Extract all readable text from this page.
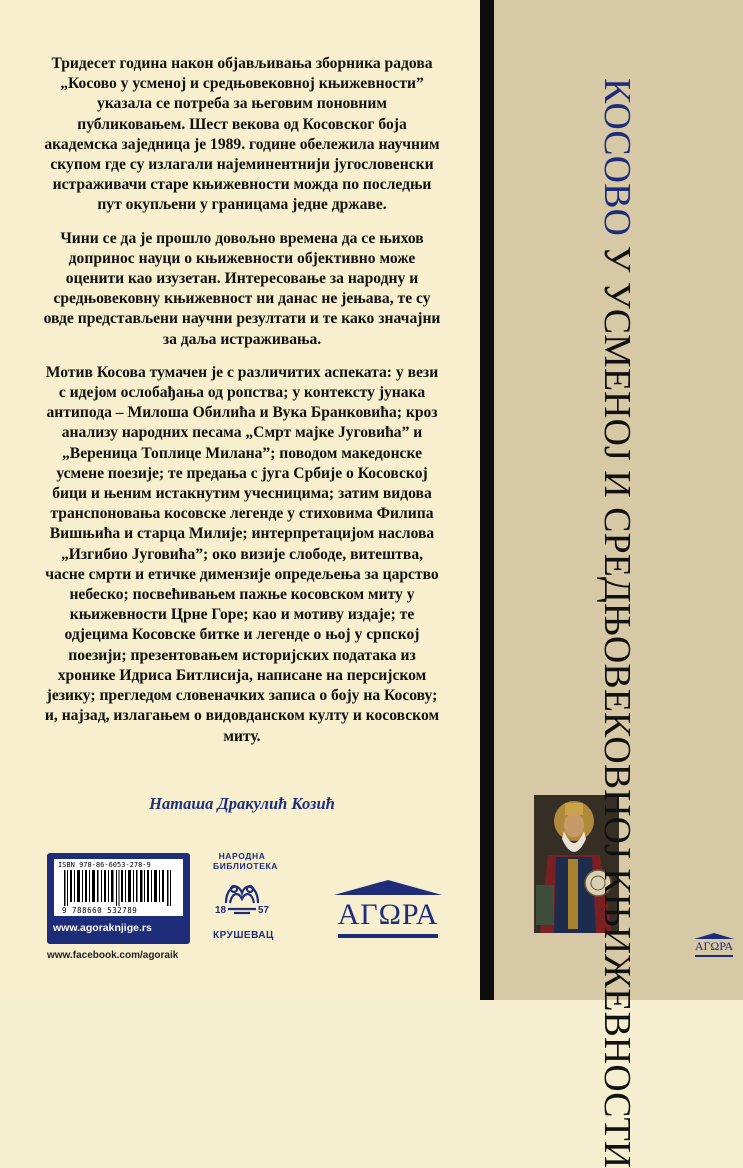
Тридесет година након објављивања зборника радова „Косово у усменој и средњовековној књижевности” указала се потреба за његовим поновним публиковањем. Шест векова од Косовског боја академска заједница је 1989. године обележила научним скупом где су излагали најеминентнији југословенски истраживачи старе књижевности можда по последњи пут окупљени у границама једне државе.

Чини се да је прошло довољно времена да се њихов допринос науци о књижевности објективно може оценити као изузетан. Интересовање за народну и средњовековну књижевност ни данас не јењава, те су овде представљени научни резултати и те како значајни за даља истраживања.

Мотив Косова тумачен је с различитих аспеката: у вези с идејом ослобађања од ропства; у контексту јунака антипода – Милоша Обилића и Вука Бранковића; кроз анализу народних песама „Смрт мајке Југовића” и „Вереница Топлице Милана”; поводом македонске усмене поезије; те предања с југа Србије о Косовској бици и њеним истакнутим учесницима; затим видова транспоновања косовске легенде у стиховима Филипа Вишњића и старца Милије; интерпретацијом наслова „Изгибио Југовића”; око визије слободе, витештва, часне смрти и етичке димензије опредељења за царство небеско; посвећивањем пажње косовском миту у књижевности Црне Горе; као и мотиву издаје; те одјецима Косовске битке и легенде о њој у српској поезији; презентовањем историјских података из хронике Идриса Битлисија, написане на персијском језику; прегледом словеначких записа о боју на Косову; и, најзад, излагањем о видовданском култу и косовском миту.

Наташа Дракулић Козић
ISBN 978-86-6053-278-9
9 788660 532789
www.agoraknjige.rs
www.facebook.com/agoraik
НАРОДНА
БИБЛИОТЕКА
18	57
КРУШЕВАЦ
АГΩРА
КОСОВО У УСМЕНОЈ И СРЕДЊОВЕКОВНОЈ КЊИЖЕВНОСТИ	АГΩРА
